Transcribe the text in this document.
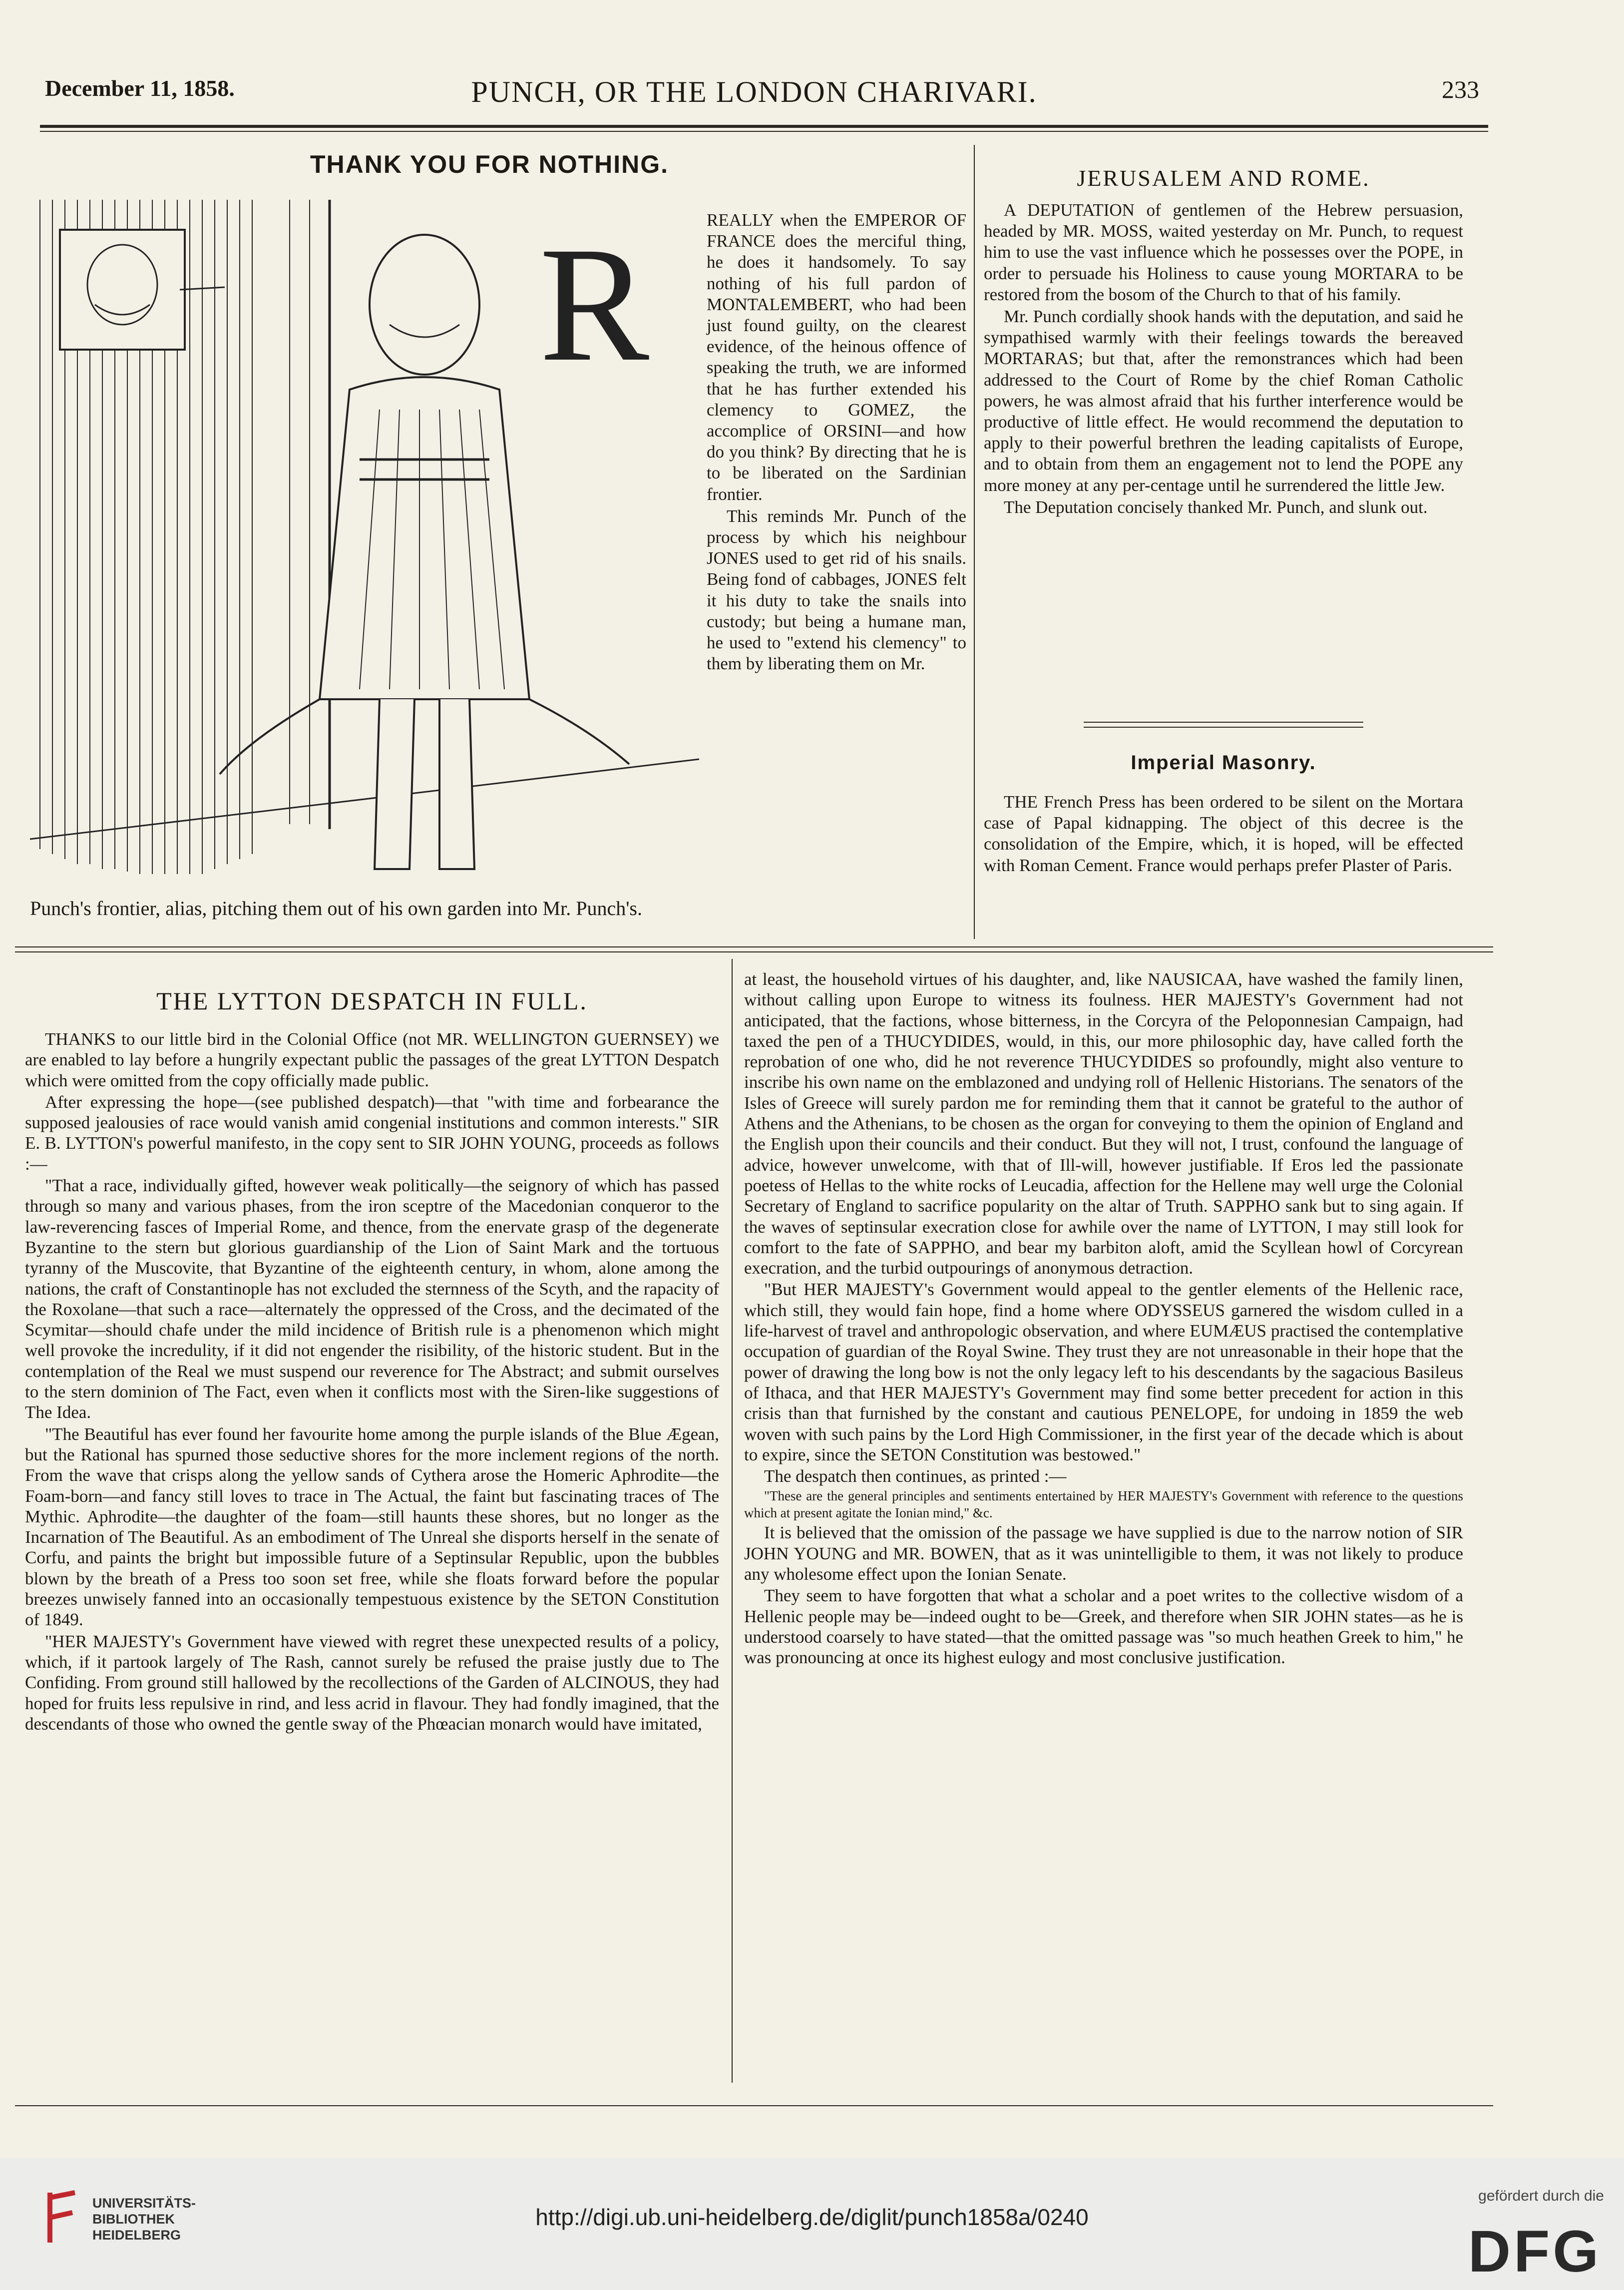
December 11, 1858.	PUNCH, OR THE LONDON CHARIVARI.	233
THANK YOU FOR NOTHING.
R	REALLY when the EMPEROR OF FRANCE does the merciful thing, he does it handsomely. To say nothing of his full pardon of MONTALEMBERT, who had been just found guilty, on the clearest evidence, of the heinous offence of speaking the truth, we are informed that he has further extended his clemency to GOMEZ, the accomplice of ORSINI—and how do you think? By directing that he is to be liberated on the Sardinian frontier.

This reminds Mr. Punch of the process by which his neighbour JONES used to get rid of his snails. Being fond of cabbages, JONES felt it his duty to take the snails into custody; but being a humane man, he used to "extend his clemency" to them by liberating them on Mr.

Punch's frontier, alias, pitching them out of his own garden into Mr. Punch's.
JERUSALEM AND ROME.

A DEPUTATION of gentlemen of the Hebrew persuasion, headed by MR. MOSS, waited yesterday on Mr. Punch, to request him to use the vast influence which he possesses over the POPE, in order to persuade his Holiness to cause young MORTARA to be restored from the bosom of the Church to that of his family.

Mr. Punch cordially shook hands with the deputation, and said he sympathised warmly with their feelings towards the bereaved MORTARAS; but that, after the remonstrances which had been addressed to the Court of Rome by the chief Roman Catholic powers, he was almost afraid that his further interference would be productive of little effect. He would recommend the deputation to apply to their powerful brethren the leading capitalists of Europe, and to obtain from them an engagement not to lend the POPE any more money at any per-centage until he surrendered the little Jew.

The Deputation concisely thanked Mr. Punch, and slunk out.

Imperial Masonry.

THE French Press has been ordered to be silent on the Mortara case of Papal kidnapping. The object of this decree is the consolidation of the Empire, which, it is hoped, will be effected with Roman Cement. France would perhaps prefer Plaster of Paris.

THE LYTTON DESPATCH IN FULL.

THANKS to our little bird in the Colonial Office (not MR. WELLINGTON GUERNSEY) we are enabled to lay before a hungrily expectant public the passages of the great LYTTON Despatch which were omitted from the copy officially made public.

After expressing the hope—(see published despatch)—that "with time and forbearance the supposed jealousies of race would vanish amid congenial institutions and common interests." SIR E. B. LYTTON's powerful manifesto, in the copy sent to SIR JOHN YOUNG, proceeds as follows :—

"That a race, individually gifted, however weak politically—the seignory of which has passed through so many and various phases, from the iron sceptre of the Macedonian conqueror to the law-reverencing fasces of Imperial Rome, and thence, from the enervate grasp of the degenerate Byzantine to the stern but glorious guardianship of the Lion of Saint Mark and the tortuous tyranny of the Muscovite, that Byzantine of the eighteenth century, in whom, alone among the nations, the craft of Constantinople has not excluded the sternness of the Scyth, and the rapacity of the Roxolane—that such a race—alternately the oppressed of the Cross, and the decimated of the Scymitar—should chafe under the mild incidence of British rule is a phenomenon which might well provoke the incredulity, if it did not engender the risibility, of the historic student. But in the contemplation of the Real we must suspend our reverence for The Abstract; and submit ourselves to the stern dominion of The Fact, even when it conflicts most with the Siren-like suggestions of The Idea.

"The Beautiful has ever found her favourite home among the purple islands of the Blue Ægean, but the Rational has spurned those seductive shores for the more inclement regions of the north. From the wave that crisps along the yellow sands of Cythera arose the Homeric Aphrodite—the Foam-born—and fancy still loves to trace in The Actual, the faint but fascinating traces of The Mythic. Aphrodite—the daughter of the foam—still haunts these shores, but no longer as the Incarnation of The Beautiful. As an embodiment of The Unreal she disports herself in the senate of Corfu, and paints the bright but impossible future of a Septinsular Republic, upon the bubbles blown by the breath of a Press too soon set free, while she floats forward before the popular breezes unwisely fanned into an occasionally tempestuous existence by the SETON Constitution of 1849.

"HER MAJESTY's Government have viewed with regret these unexpected results of a policy, which, if it partook largely of The Rash, cannot surely be refused the praise justly due to The Confiding. From ground still hallowed by the recollections of the Garden of ALCINOUS, they had hoped for fruits less repulsive in rind, and less acrid in flavour. They had fondly imagined, that the descendants of those who owned the gentle sway of the Phœacian monarch would have imitated,

at least, the household virtues of his daughter, and, like NAUSICAA, have washed the family linen, without calling upon Europe to witness its foulness. HER MAJESTY's Government had not anticipated, that the factions, whose bitterness, in the Corcyra of the Peloponnesian Campaign, had taxed the pen of a THUCYDIDES, would, in this, our more philosophic day, have called forth the reprobation of one who, did he not reverence THUCYDIDES so profoundly, might also venture to inscribe his own name on the emblazoned and undying roll of Hellenic Historians. The senators of the Isles of Greece will surely pardon me for reminding them that it cannot be grateful to the author of Athens and the Athenians, to be chosen as the organ for conveying to them the opinion of England and the English upon their councils and their conduct. But they will not, I trust, confound the language of advice, however unwelcome, with that of Ill-will, however justifiable. If Eros led the passionate poetess of Hellas to the white rocks of Leucadia, affection for the Hellene may well urge the Colonial Secretary of England to sacrifice popularity on the altar of Truth. SAPPHO sank but to sing again. If the waves of septinsular execration close for awhile over the name of LYTTON, I may still look for comfort to the fate of SAPPHO, and bear my barbiton aloft, amid the Scyllean howl of Corcyrean execration, and the turbid outpourings of anonymous detraction.

"But HER MAJESTY's Government would appeal to the gentler elements of the Hellenic race, which still, they would fain hope, find a home where ODYSSEUS garnered the wisdom culled in a life-harvest of travel and anthropologic observation, and where EUMÆUS practised the contemplative occupation of guardian of the Royal Swine. They trust they are not unreasonable in their hope that the power of drawing the long bow is not the only legacy left to his descendants by the sagacious Basileus of Ithaca, and that HER MAJESTY's Government may find some better precedent for action in this crisis than that furnished by the constant and cautious PENELOPE, for undoing in 1859 the web woven with such pains by the Lord High Commissioner, in the first year of the decade which is about to expire, since the SETON Constitution was bestowed."

The despatch then continues, as printed :—

"These are the general principles and sentiments entertained by HER MAJESTY's Government with reference to the questions which at present agitate the Ionian mind," &c.

It is believed that the omission of the passage we have supplied is due to the narrow notion of SIR JOHN YOUNG and MR. BOWEN, that as it was unintelligible to them, it was not likely to produce any wholesome effect upon the Ionian Senate.

They seem to have forgotten that what a scholar and a poet writes to the collective wisdom of a Hellenic people may be—indeed ought to be—Greek, and therefore when SIR JOHN states—as he is understood coarsely to have stated—that the omitted passage was "so much heathen Greek to him," he was pronouncing at once its highest eulogy and most conclusive justification.

UNIVERSITÄTS-
BIBLIOTHEK
HEIDELBERG
http://digi.ub.uni-heidelberg.de/diglit/punch1858a/0240
gefördert durch die
DFG
